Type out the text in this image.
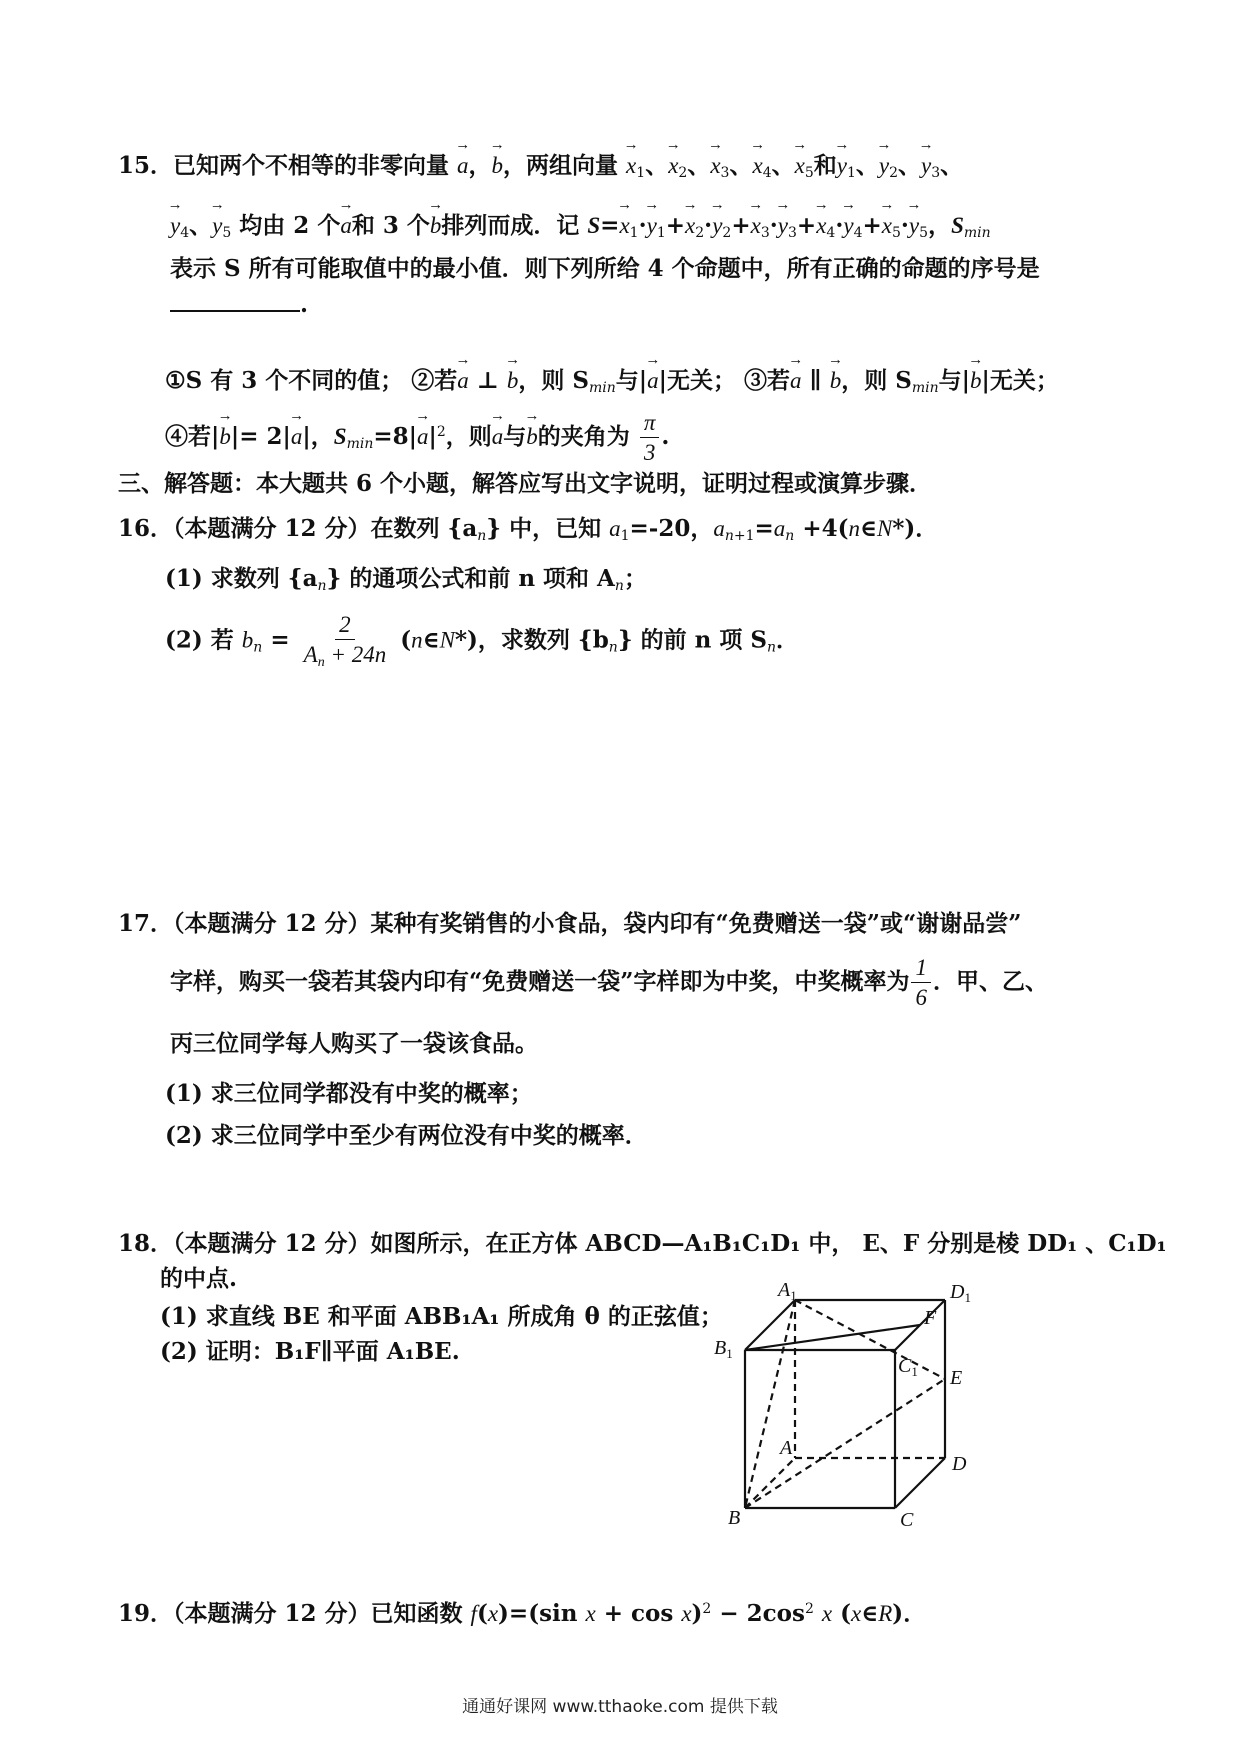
15．已知两个不相等的非零向量 → a，→ b，两组向量 → $x_1$、→ $x_2$、→ $x_3$、→ $x_4$、→ $x_5$和→ $y_1$、→ $y_2$、→ $y_3$、
→ $y_4$、→ $y_5$ 均由 2 个→ a和 3 个→ b排列而成．记 $S=\to x_1\cdot\to y_1+\to x_2\cdot\to y_2+\to x_3\cdot\to y_3+\to x_4\cdot\to y_4+\to x_5\cdot\to y_5$，$S_{min}$
表示 S 所有可能取值中的最小值．则下列所给 4 个命题中，所有正确的命题的序号是
.
①S 有 3 个不同的值； ②若→ a ⊥ → b，则 $S_{min}$与|→ a|无关； ③若→ a ∥ → b，则 $S_{min}$与|→ b|无关；
④若|→ b|= 2|→ a|，$S_{min}=8|\to a|^2$，则→ a与→ b的夹角为 $\frac{\pi}{3}$ .
三、解答题：本大题共 6 个小题，解答应写出文字说明，证明过程或演算步骤．
16．（本题满分 12 分）在数列 $\{a_n\}$ 中，已知 $a_1=-20$，$a_{n+1}=a_n$ +4(n∈N*)．
(1) 求数列 $\{a_n\}$ 的通项公式和前 n 项和 $A_n$；
(2) 若 $b_n = \frac{2}{A_n + 24n}$ (n∈N*)，求数列 $\{b_n\}$ 的前 n 项 $S_n$．
17．（本题满分 12 分）某种有奖销售的小食品，袋内印有“免费赠送一袋”或“谢谢品尝”
字样，购买一袋若其袋内印有“免费赠送一袋”字样即为中奖，中奖概率为 $\frac{1}{6}$ ．甲、乙、
丙三位同学每人购买了一袋该食品。
(1) 求三位同学都没有中奖的概率；
(2) 求三位同学中至少有两位没有中奖的概率．
18．（本题满分 12 分）如图所示，在正方体 ABCD—A₁B₁C₁D₁ 中， E、F 分别是棱 DD₁ 、C₁D₁
的中点.
(1) 求直线 BE 和平面 ABB₁A₁ 所成角 θ 的正弦值；
(2) 证明：B₁F∥平面 A₁BE.
$A_1$	$D_1$
$B_1$
$C_1$
F
E
A
D
B	C
19．（本题满分 12 分）已知函数 f(x)=(sin $x + \cos x)^2 - 2\cos^2$ x (x∈R)．
通通好课网 www.tthaoke.com 提供下载
